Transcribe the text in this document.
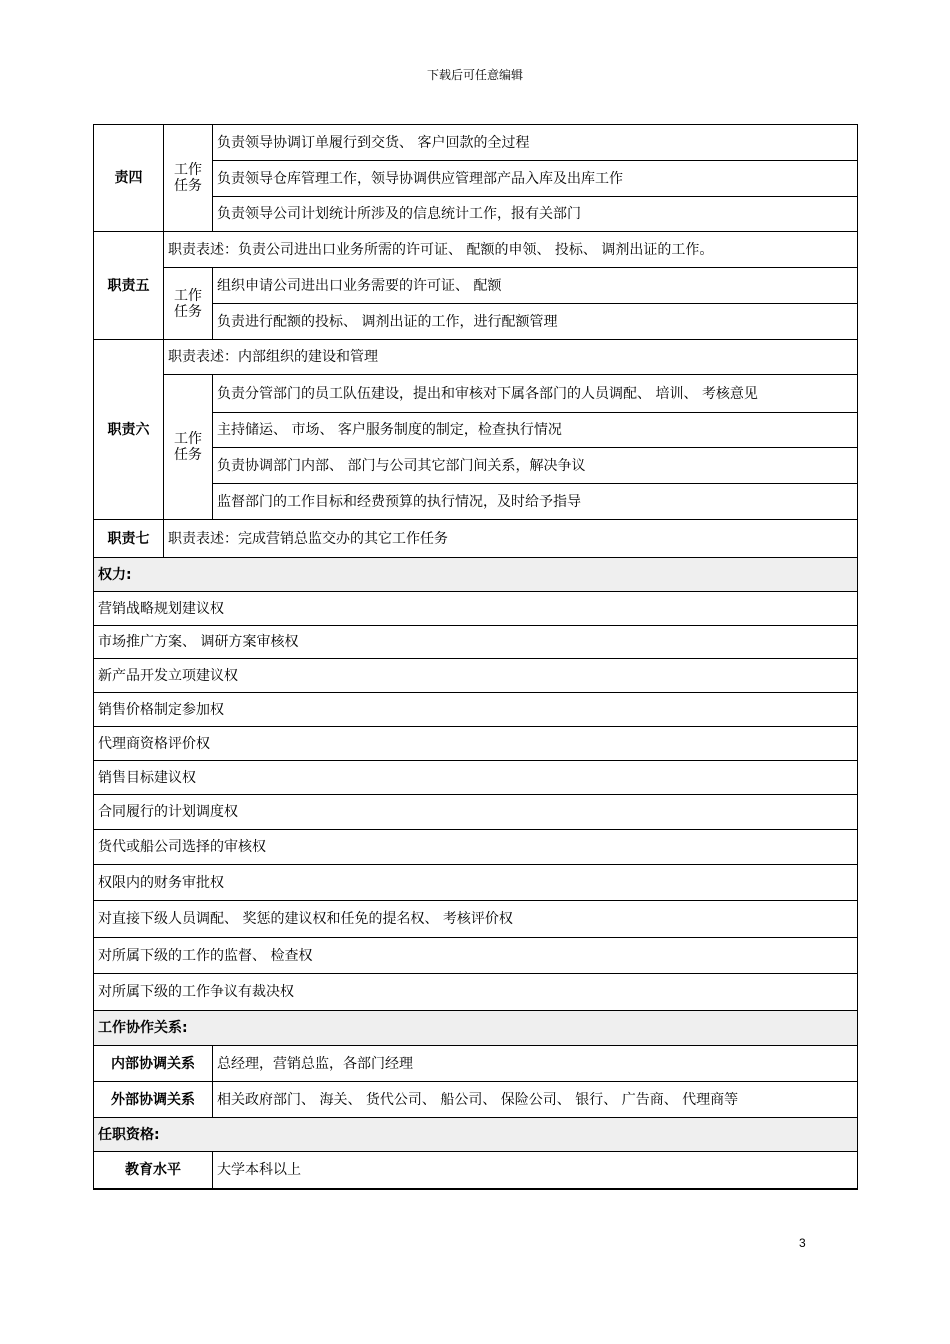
下载后可任意编辑
责四	工作任务	负责领导协调订单履行到交货、 客户回款的全过程
		负责领导仓库管理工作，领导协调供应管理部产品入库及出库工作
		负责领导公司计划统计所涉及的信息统计工作，报有关部门
职责五	职责表述：负责公司进出口业务所需的许可证、 配额的申领、 投标、 调剂出证的工作。	
	工作任务	组织申请公司进出口业务需要的许可证、 配额
		负责进行配额的投标、 调剂出证的工作，进行配额管理
职责六	职责表述：内部组织的建设和管理	
	工作任务	负责分管部门的员工队伍建设，提出和审核对下属各部门的人员调配、 培训、 考核意见
		主持储运、 市场、 客户服务制度的制定，检查执行情况
		负责协调部门内部、 部门与公司其它部门间关系，解决争议
		监督部门的工作目标和经费预算的执行情况，及时给予指导
职责七	职责表述：完成营销总监交办的其它工作任务	
权力:		
营销战略规划建议权		
市场推广方案、 调研方案审核权		
新产品开发立项建议权		
销售价格制定参加权		
代理商资格评价权		
销售目标建议权		
合同履行的计划调度权		
货代或船公司选择的审核权		
权限内的财务审批权		
对直接下级人员调配、 奖惩的建议权和任免的提名权、 考核评价权		
对所属下级的工作的监督、 检查权		
对所属下级的工作争议有裁决权		
工作协作关系:		
内部协调关系		总经理，营销总监，各部门经理
外部协调关系		相关政府部门、 海关、 货代公司、 船公司、 保险公司、 银行、 广告商、 代理商等
任职资格:		
教育水平		大学本科以上
3
